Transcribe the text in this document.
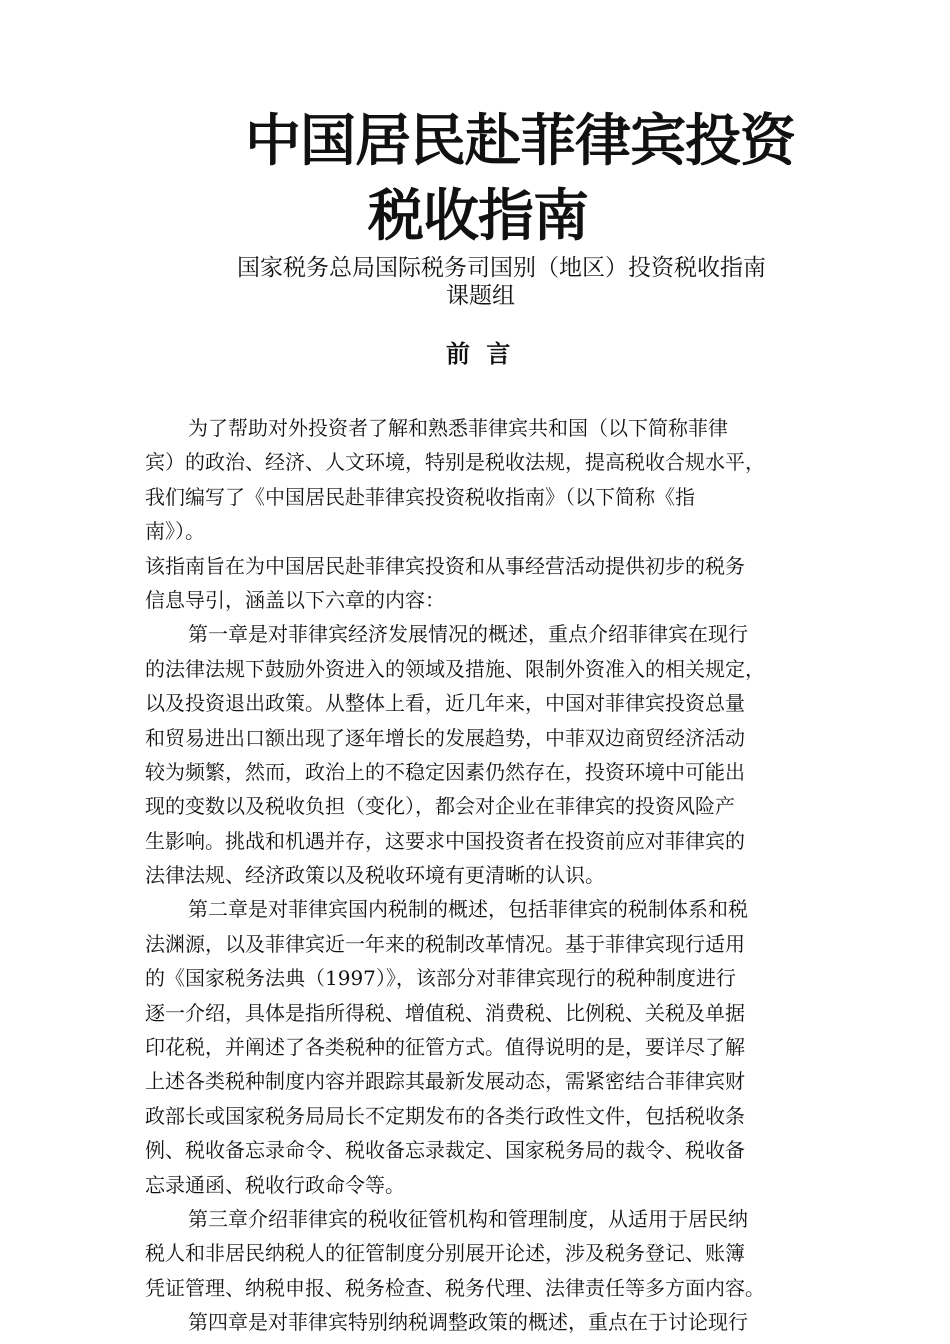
中国居民赴菲律宾投资
税收指南
国家税务总局国际税务司国别（地区）投资税收指南
课题组
前 言
为了帮助对外投资者了解和熟悉菲律宾共和国（以下简称菲律
宾）的政治、经济、人文环境，特别是税收法规，提高税收合规水平，
我们编写了《中国居民赴菲律宾投资税收指南》（以下简称《指
南》）。
该指南旨在为中国居民赴菲律宾投资和从事经营活动提供初步的税务
信息导引，涵盖以下六章的内容：
第一章是对菲律宾经济发展情况的概述，重点介绍菲律宾在现行
的法律法规下鼓励外资进入的领域及措施、限制外资准入的相关规定，
以及投资退出政策。从整体上看，近几年来，中国对菲律宾投资总量
和贸易进出口额出现了逐年增长的发展趋势，中菲双边商贸经济活动
较为频繁，然而，政治上的不稳定因素仍然存在，投资环境中可能出
现的变数以及税收负担（变化），都会对企业在菲律宾的投资风险产
生影响。挑战和机遇并存，这要求中国投资者在投资前应对菲律宾的
法律法规、经济政策以及税收环境有更清晰的认识。
第二章是对菲律宾国内税制的概述，包括菲律宾的税制体系和税
法渊源，以及菲律宾近一年来的税制改革情况。基于菲律宾现行适用
的《国家税务法典（1997）》，该部分对菲律宾现行的税种制度进行
逐一介绍，具体是指所得税、增值税、消费税、比例税、关税及单据
印花税，并阐述了各类税种的征管方式。值得说明的是，要详尽了解
上述各类税种制度内容并跟踪其最新发展动态，需紧密结合菲律宾财
政部长或国家税务局局长不定期发布的各类行政性文件，包括税收条
例、税收备忘录命令、税收备忘录裁定、国家税务局的裁令、税收备
忘录通函、税收行政命令等。
第三章介绍菲律宾的税收征管机构和管理制度，从适用于居民纳
税人和非居民纳税人的征管制度分别展开论述，涉及税务登记、账簿
凭证管理、纳税申报、税务检查、税务代理、法律责任等多方面内容。
第四章是对菲律宾特别纳税调整政策的概述，重点在于讨论现行
